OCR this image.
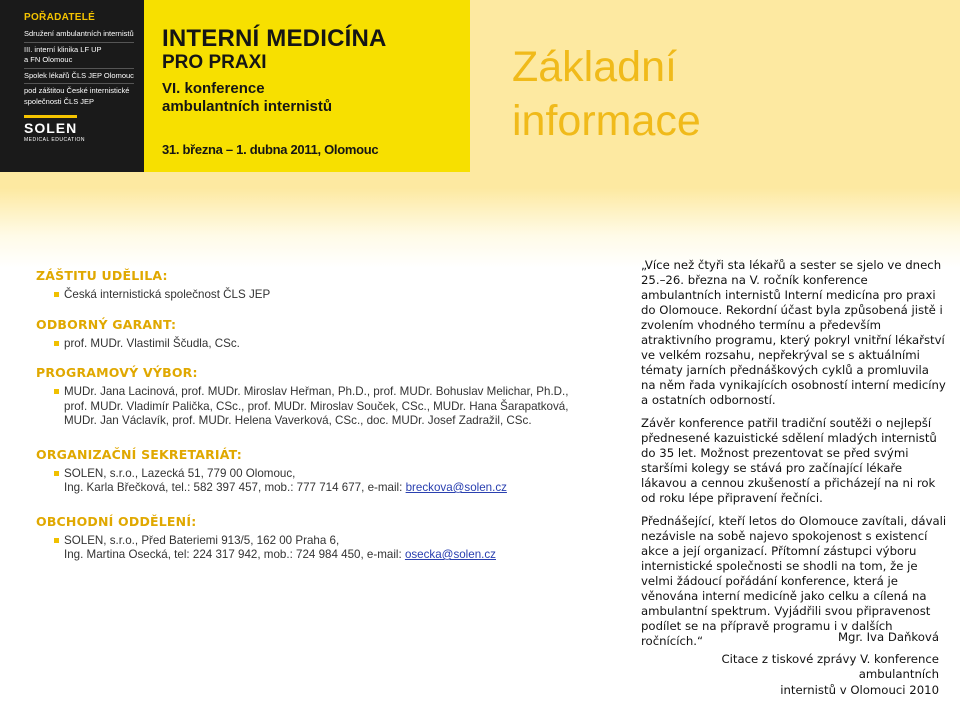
POŘADATELÉ
Sdružení ambulantních internistů
III. interní klinika LF UP
a FN Olomouc
Spolek lékařů ČLS JEP Olomouc
pod záštitou České internistické
společnosti ČLS JEP
SOLEN
MEDICAL EDUCATION
INTERNÍ MEDICÍNA
PRO PRAXI
VI. konference
ambulantních internistů
31. března – 1. dubna 2011, Olomouc
Základní
informace
ZÁŠTITU UDĚLILA:
Česká internistická společnost ČLS JEP
ODBORNÝ GARANT:
prof. MUDr. Vlastimil Ščudla, CSc.
PROGRAMOVÝ VÝBOR:
MUDr. Jana Lacinová, prof. MUDr. Miroslav Heřman, Ph.D., prof. MUDr. Bohuslav Melichar, Ph.D.,
prof. MUDr. Vladimír Palička, CSc., prof. MUDr. Miroslav Souček, CSc., MUDr. Hana Šarapatková,
MUDr. Jan Václavík, prof. MUDr. Helena Vaverková, CSc., doc. MUDr. Josef Zadražil, CSc.
ORGANIZAČNÍ SEKRETARIÁT:
SOLEN, s.r.o., Lazecká 51, 779 00 Olomouc,
Ing. Karla Břečková, tel.: 582 397 457, mob.: 777 714 677, e-mail: breckova@solen.cz
OBCHODNÍ ODDĚLENÍ:
SOLEN, s.r.o., Před Bateriemi 913/5, 162 00 Praha 6,
Ing. Martina Osecká, tel: 224 317 942, mob.: 724 984 450, e-mail: osecka@solen.cz

„Více než čtyři sta lékařů a sester se sjelo ve dnech 25.–26. března na V. ročník konference ambulantních internistů Interní medicína pro praxi do Olomouce. Rekordní účast byla způsobená jistě i zvolením vhodného termínu a především atraktivního programu, který pokryl vnitřní lékařství ve velkém rozsahu, nepřekrýval se s aktuálními tématy jarních přednáškových cyklů a promluvila na něm řada vynikajících osobností interní medicíny a ostatních odborností.

Závěr konference patřil tradiční soutěži o nejlepší přednesené kazuistické sdělení mladých internistů do 35 let. Možnost prezentovat se před svými staršími kolegy se stává pro začínající lékaře lákavou a cennou zkušeností a přicházejí na ni rok od roku lépe připravení řečníci.

Přednášející, kteří letos do Olomouce zavítali, dávali nezávisle na sobě najevo spokojenost s existencí akce a její organizací. Přítomní zástupci výboru internistické společnosti se shodli na tom, že je velmi žádoucí pořádání konference, která je věnována interní medicíně jako celku a cílená na ambulantní spektrum. Vyjádřili svou připravenost podílet se na přípravě programu i v dalších ročnících.“	Mgr. Iva Daňková
Citace z tiskové zprávy V. konference ambulantních
internistů v Olomouci 2010
